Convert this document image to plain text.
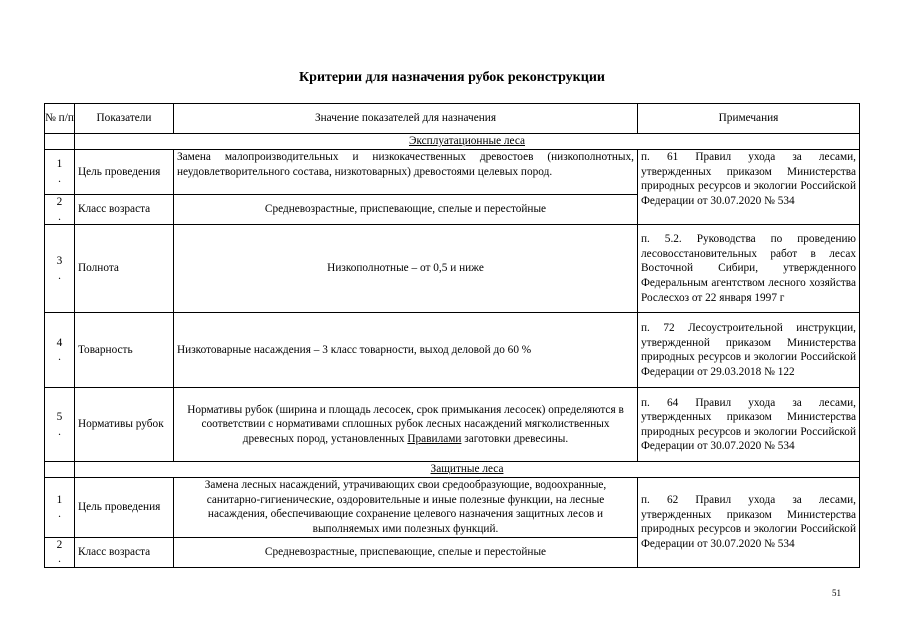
Критерии для назначения рубок реконструкции
№ п/п	Показатели	Значение показателей для назначения	Примечания
	Эксплуатационные леса		

1
.	Цель проведения	Замена малопроизводительных и низкокачественных древостоев (низкополнотных, неудовлетворительного состава, низкотоварных) древостоями целевых пород.	п. 61 Правил ухода за лесами, утвержденных приказом Министерства природных ресурсов и экологии Российской Федерации от 30.07.2020 № 534

2
.	Класс возраста	Средневозрастные, приспевающие, спелые и перестойные	

3
.	Полнота	Низкополнотные – от 0,5 и ниже	п. 5.2. Руководства по проведению лесовосстановительных работ в лесах Восточной Сибири, утвержденного Федеральным агентством лесного хозяйства Рослесхоз от 22 января 1997 г

4
.	Товарность	Низкотоварные насаждения – 3 класс товарности, выход деловой до 60 %	п. 72 Лесоустроительной инструкции, утвержденной приказом Министерства природных ресурсов и экологии Российской Федерации от 29.03.2018 № 122

5
.	Нормативы рубок	Нормативы рубок (ширина и площадь лесосек, срок примыкания лесосек) определяются в соответствии с нормативами сплошных рубок лесных насаждений мягколиственных древесных пород, установленных Правилами заготовки древесины.	п. 64 Правил ухода за лесами, утвержденных приказом Министерства природных ресурсов и экологии Российской Федерации от 30.07.2020 № 534
	Защитные леса		

1
.	Цель проведения	Замена лесных насаждений, утрачивающих свои средообразующие, водоохранные, санитарно-гигиенические, оздоровительные и иные полезные функции, на лесные насаждения, обеспечивающие сохранение целевого назначения защитных лесов и выполняемых ими полезных функций.	п. 62 Правил ухода за лесами, утвержденных приказом Министерства природных ресурсов и экологии Российской Федерации от 30.07.2020 № 534

2
.	Класс возраста	Средневозрастные, приспевающие, спелые и перестойные	
51
